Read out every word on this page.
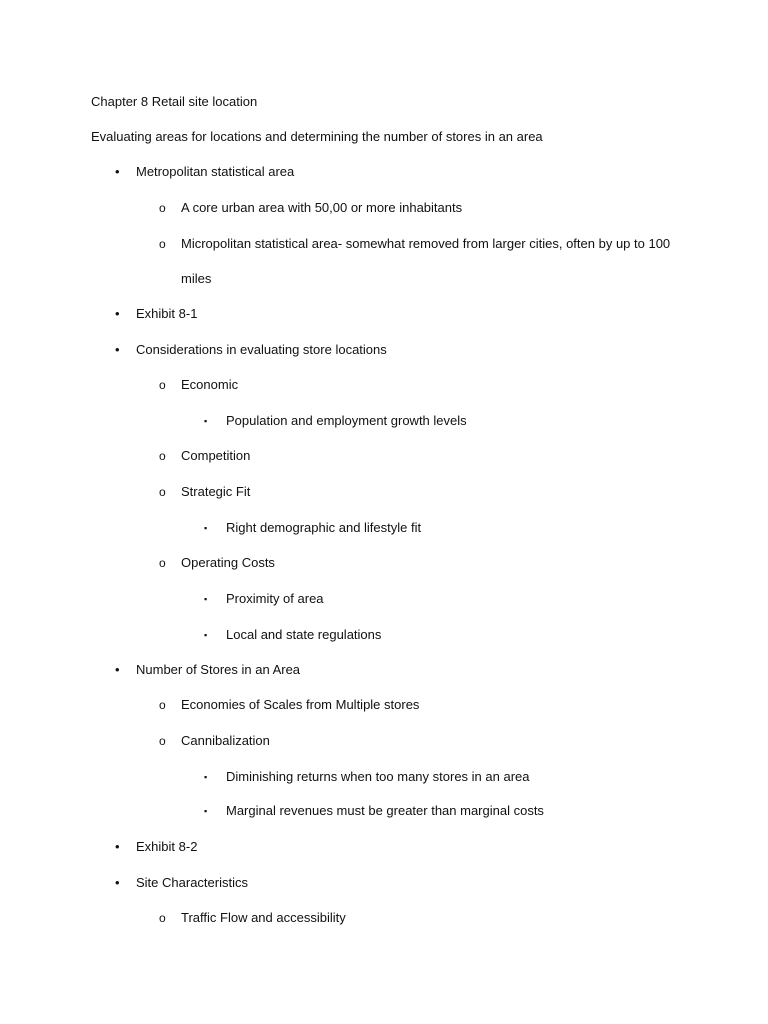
Chapter 8 Retail site location
Evaluating areas for locations and determining the number of stores in an area
• Metropolitan statistical area
o A core urban area with 50,00 or more inhabitants
o Micropolitan statistical area- somewhat removed from larger cities, often by up to 100
miles
• Exhibit 8-1
• Considerations in evaluating store locations
o Economic
▪ Population and employment growth levels
o Competition
o Strategic Fit
▪ Right demographic and lifestyle fit
o Operating Costs
▪ Proximity of area
▪ Local and state regulations
• Number of Stores in an Area
o Economies of Scales from Multiple stores
o Cannibalization
▪ Diminishing returns when too many stores in an area
▪ Marginal revenues must be greater than marginal costs
• Exhibit 8-2
• Site Characteristics
o Traffic Flow and accessibility
